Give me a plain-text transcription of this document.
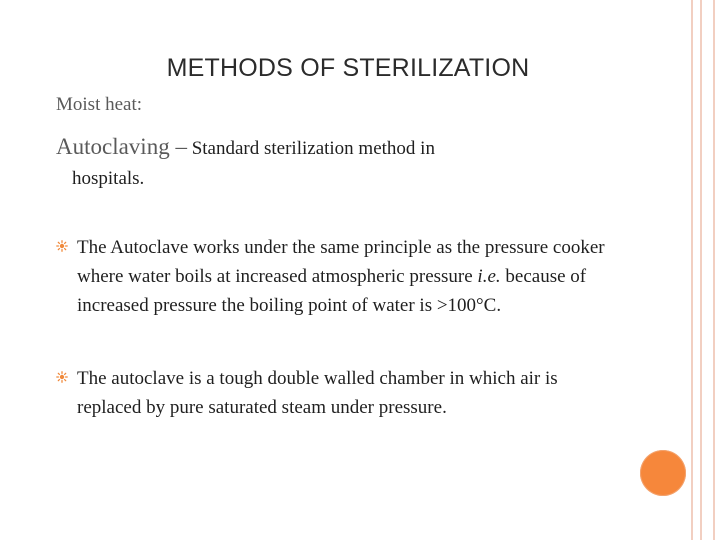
METHODS OF STERILIZATION
Moist heat:
Autoclaving – Standard sterilization method in
hospitals.
The Autoclave works under the same principle as the pressure cooker where water boils at increased atmospheric pressure i.e. because of increased pressure the boiling point of water is >100°C.
The autoclave is a tough double walled chamber in which air is replaced by pure saturated steam under pressure.
